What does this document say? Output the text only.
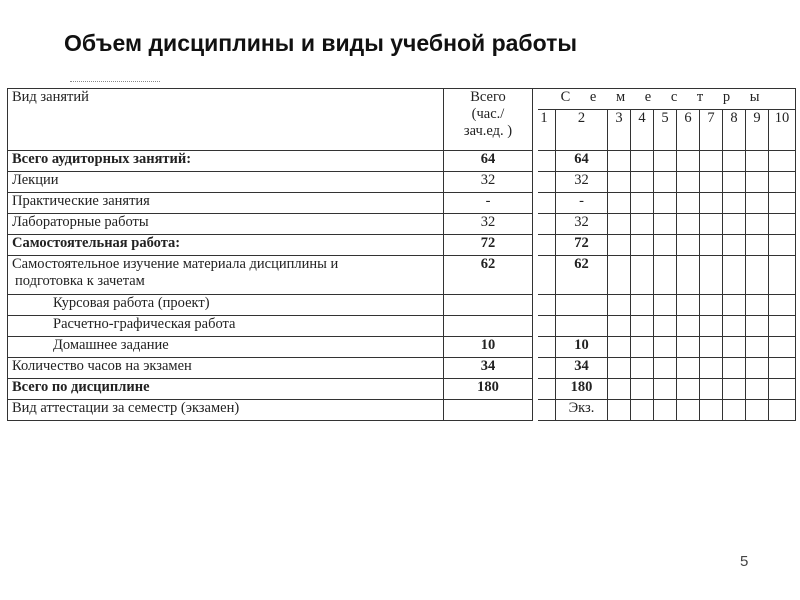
Объем дисциплины и виды учебной работы
Вид занятий	Всего
(час./
зач.ед. )	С е м е с т р ы									
		1	2	3	4	5	6	7	8	9	10
Всего аудиторных занятий:	64		64								
Лекции	32		32								
Практические занятия	-		-								
Лабораторные работы	32		32								
Самостоятельная работа:	72		72								

Самостоятельное изучение материала дисциплины и
подготовка к зачетам	62		62								
Курсовая работа (проект)											
Расчетно-графическая работа											
Домашнее задание	10		10								
Количество часов на экзамен	34		34								
Всего по дисциплине	180		180								
Вид аттестации за семестр (экзамен)			Экз.								
5
